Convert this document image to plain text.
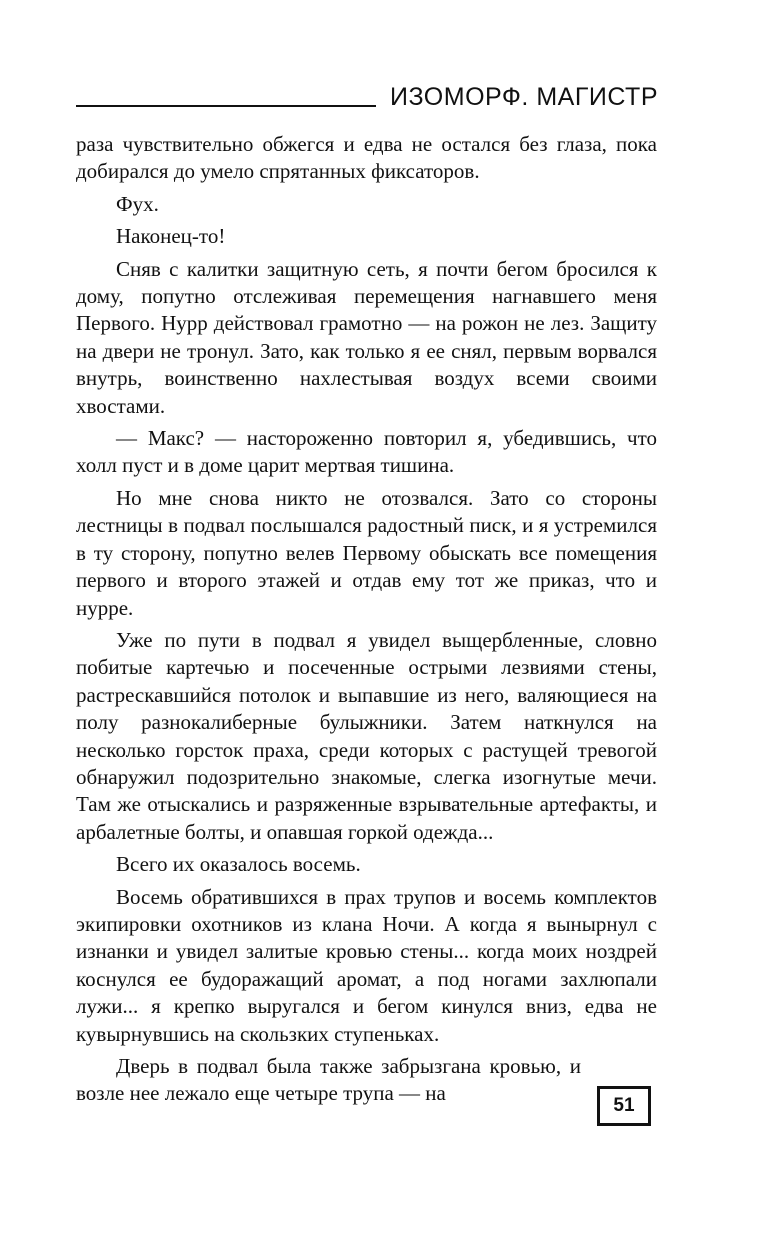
ИЗОМОРФ. МАГИСТР

раза чувствительно обжегся и едва не остался без глаза, пока добирался до умело спрятанных фиксаторов.

Фух.

Наконец-то!

Сняв с калитки защитную сеть, я почти бегом бросился к дому, попутно отслеживая перемещения нагнавшего меня Первого. Нурр действовал грамотно — на рожон не лез. Защиту на двери не тронул. Зато, как только я ее снял, первым ворвался внутрь, воинственно нахлестывая воздух всеми своими хвостами.

— Макс? — настороженно повторил я, убедившись, что холл пуст и в доме царит мертвая тишина.

Но мне снова никто не отозвался. Зато со стороны лестницы в подвал послышался радостный писк, и я устремился в ту сторону, попутно велев Первому обыскать все помещения первого и второго этажей и отдав ему тот же приказ, что и нурре.

Уже по пути в подвал я увидел выщербленные, словно побитые картечью и посеченные острыми лезвиями стены, растрескавшийся потолок и выпавшие из него, валяющиеся на полу разнокалиберные булыжники. Затем наткнулся на несколько горсток праха, среди которых с растущей тревогой обнаружил подозрительно знакомые, слегка изогнутые мечи. Там же отыскались и разряженные взрывательные артефакты, и арбалетные болты, и опавшая горкой одежда...

Всего их оказалось восемь.

Восемь обратившихся в прах трупов и восемь комплектов экипировки охотников из клана Ночи. А когда я вынырнул с изнанки и увидел залитые кровью стены... когда моих ноздрей коснулся ее будоражащий аромат, а под ногами захлюпали лужи... я крепко выругался и бегом кинулся вниз, едва не кувырнувшись на скользких ступеньках.

Дверь в подвал была также забрызгана кровью, и возле нее лежало еще четыре трупа — на

51
